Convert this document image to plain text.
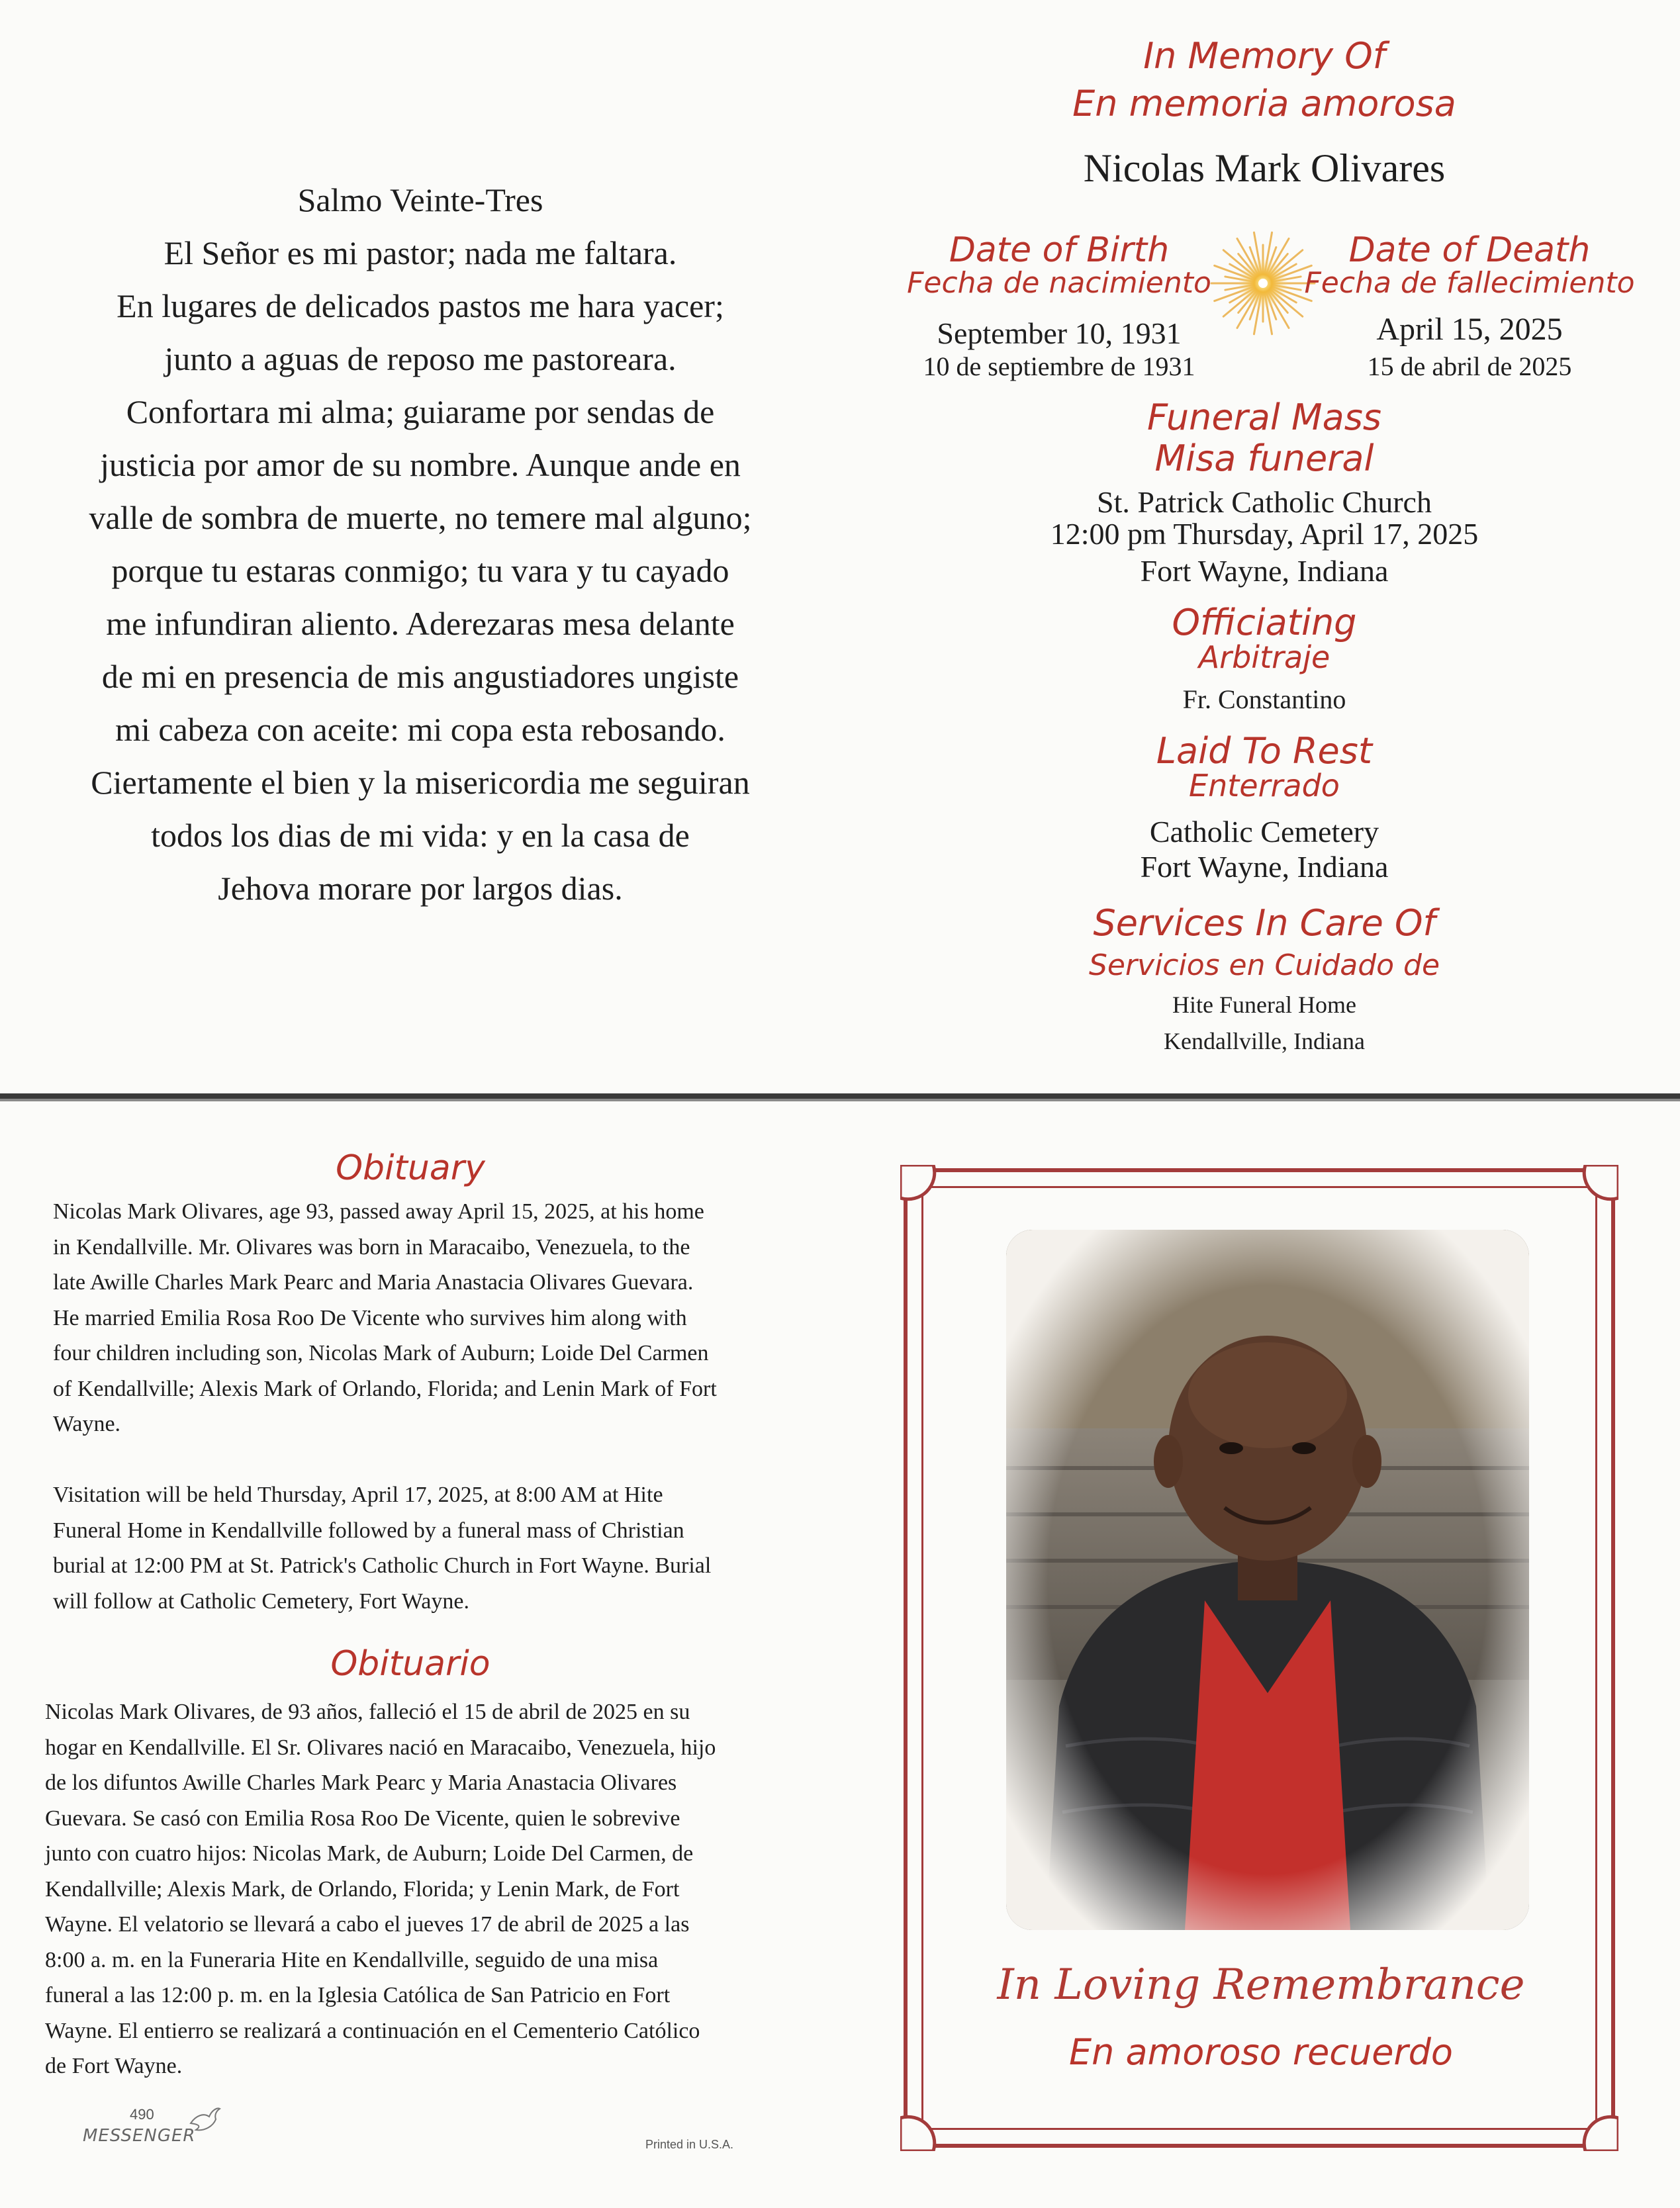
Salmo Veinte-Tres
El Señor es mi pastor; nada me faltara.
En lugares de delicados pastos me hara yacer;
junto a aguas de reposo me pastoreara.
Confortara mi alma; guiarame por sendas de
justicia por amor de su nombre. Aunque ande en
valle de sombra de muerte, no temere mal alguno;
porque tu estaras conmigo; tu vara y tu cayado
me infundiran aliento. Aderezaras mesa delante
de mi en presencia de mis angustiadores ungiste
mi cabeza con aceite: mi copa esta rebosando.
Ciertamente el bien y la misericordia me seguiran
todos los dias de mi vida: y en la casa de
Jehova morare por largos dias.
In Memory Of
En memoria amorosa
Nicolas Mark Olivares
Date of Birth
Fecha de nacimiento
September 10, 1931
10 de septiembre de 1931
Date of Death
Fecha de fallecimiento
April 15, 2025
15 de abril de 2025
Funeral Mass
Misa funeral
St. Patrick Catholic Church
12:00 pm Thursday, April 17, 2025
Fort Wayne, Indiana
Officiating
Arbitraje
Fr. Constantino
Laid To Rest
Enterrado
Catholic Cemetery
Fort Wayne, Indiana
Services In Care Of
Servicios en Cuidado de
Hite Funeral Home
Kendallville, Indiana
Obituary

Nicolas Mark Olivares, age 93, passed away April 15, 2025, at his home

in Kendallville. Mr. Olivares was born in Maracaibo, Venezuela, to the

late Awille Charles Mark Pearc and Maria Anastacia Olivares Guevara.

He married Emilia Rosa Roo De Vicente who survives him along with

four children including son, Nicolas Mark of Auburn; Loide Del Carmen

of Kendallville; Alexis Mark of Orlando, Florida; and Lenin Mark of Fort

Wayne.

Visitation will be held Thursday, April 17, 2025, at 8:00 AM at Hite

Funeral Home in Kendallville followed by a funeral mass of Christian

burial at 12:00 PM at St. Patrick's Catholic Church in Fort Wayne. Burial

will follow at Catholic Cemetery, Fort Wayne.

Obituario

Nicolas Mark Olivares, de 93 años, falleció el 15 de abril de 2025 en su

hogar en Kendallville. El Sr. Olivares nació en Maracaibo, Venezuela, hijo

de los difuntos Awille Charles Mark Pearc y Maria Anastacia Olivares

Guevara. Se casó con Emilia Rosa Roo De Vicente, quien le sobrevive

junto con cuatro hijos: Nicolas Mark, de Auburn; Loide Del Carmen, de

Kendallville; Alexis Mark, de Orlando, Florida; y Lenin Mark, de Fort

Wayne. El velatorio se llevará a cabo el jueves 17 de abril de 2025 a las

8:00 a. m. en la Funeraria Hite en Kendallville, seguido de una misa

funeral a las 12:00 p. m. en la Iglesia Católica de San Patricio en Fort

Wayne. El entierro se realizará a continuación en el Cementerio Católico

de Fort Wayne.

490
MESSENGER	Printed in U.S.A.
In Loving Remembrance
En amoroso recuerdo
